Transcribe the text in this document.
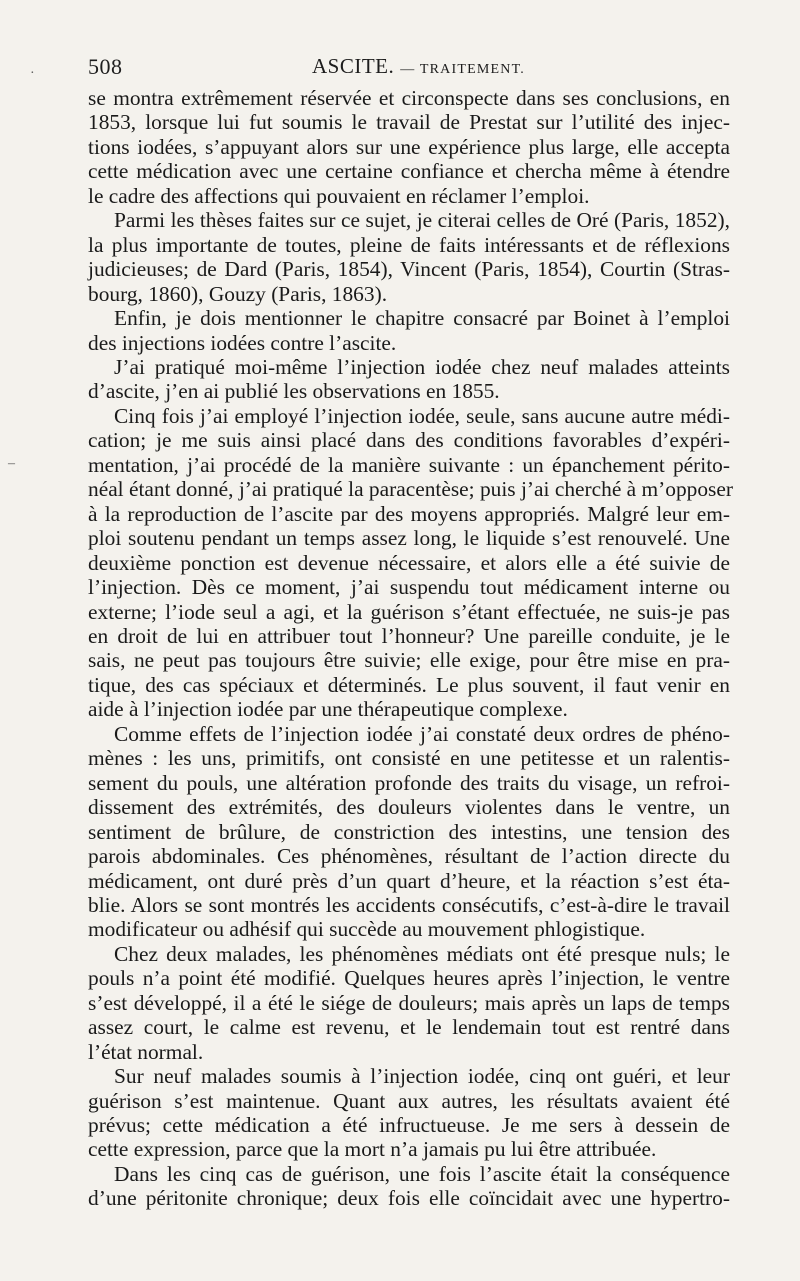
508	ASCITE. — TRAITEMENT.

se montra extrêmement réservée et circonspecte dans ses conclusions, en
1853, lorsque lui fut soumis le travail de Prestat sur l’utilité des injec-
tions iodées, s’appuyant alors sur une expérience plus large, elle accepta
cette médication avec une certaine confiance et chercha même à étendre
le cadre des affections qui pouvaient en réclamer l’emploi.

Parmi les thèses faites sur ce sujet, je citerai celles de Oré (Paris, 1852),
la plus importante de toutes, pleine de faits intéressants et de réflexions
judicieuses; de Dard (Paris, 1854), Vincent (Paris, 1854), Courtin (Stras-
bourg, 1860), Gouzy (Paris, 1863).

Enfin, je dois mentionner le chapitre consacré par Boinet à l’emploi
des injections iodées contre l’ascite.

J’ai pratiqué moi-même l’injection iodée chez neuf malades atteints
d’ascite, j’en ai publié les observations en 1855.

Cinq fois j’ai employé l’injection iodée, seule, sans aucune autre médi-
cation; je me suis ainsi placé dans des conditions favorables d’expéri-
mentation, j’ai procédé de la manière suivante : un épanchement périto-
néal étant donné, j’ai pratiqué la paracentèse; puis j’ai cherché à m’opposer
à la reproduction de l’ascite par des moyens appropriés. Malgré leur em-
ploi soutenu pendant un temps assez long, le liquide s’est renouvelé. Une
deuxième ponction est devenue nécessaire, et alors elle a été suivie de
l’injection. Dès ce moment, j’ai suspendu tout médicament interne ou
externe; l’iode seul a agi, et la guérison s’étant effectuée, ne suis-je pas
en droit de lui en attribuer tout l’honneur? Une pareille conduite, je le
sais, ne peut pas toujours être suivie; elle exige, pour être mise en pra-
tique, des cas spéciaux et déterminés. Le plus souvent, il faut venir en
aide à l’injection iodée par une thérapeutique complexe.

Comme effets de l’injection iodée j’ai constaté deux ordres de phéno-
mènes : les uns, primitifs, ont consisté en une petitesse et un ralentis-
sement du pouls, une altération profonde des traits du visage, un refroi-
dissement des extrémités, des douleurs violentes dans le ventre, un
sentiment de brûlure, de constriction des intestins, une tension des
parois abdominales. Ces phénomènes, résultant de l’action directe du
médicament, ont duré près d’un quart d’heure, et la réaction s’est éta-
blie. Alors se sont montrés les accidents consécutifs, c’est-à-dire le travail
modificateur ou adhésif qui succède au mouvement phlogistique.

Chez deux malades, les phénomènes médiats ont été presque nuls; le
pouls n’a point été modifié. Quelques heures après l’injection, le ventre
s’est développé, il a été le siége de douleurs; mais après un laps de temps
assez court, le calme est revenu, et le lendemain tout est rentré dans
l’état normal.

Sur neuf malades soumis à l’injection iodée, cinq ont guéri, et leur
guérison s’est maintenue. Quant aux autres, les résultats avaient été
prévus; cette médication a été infructueuse. Je me sers à dessein de
cette expression, parce que la mort n’a jamais pu lui être attribuée.

Dans les cinq cas de guérison, une fois l’ascite était la conséquence
d’une péritonite chronique; deux fois elle coïncidait avec une hypertro-

·
–
